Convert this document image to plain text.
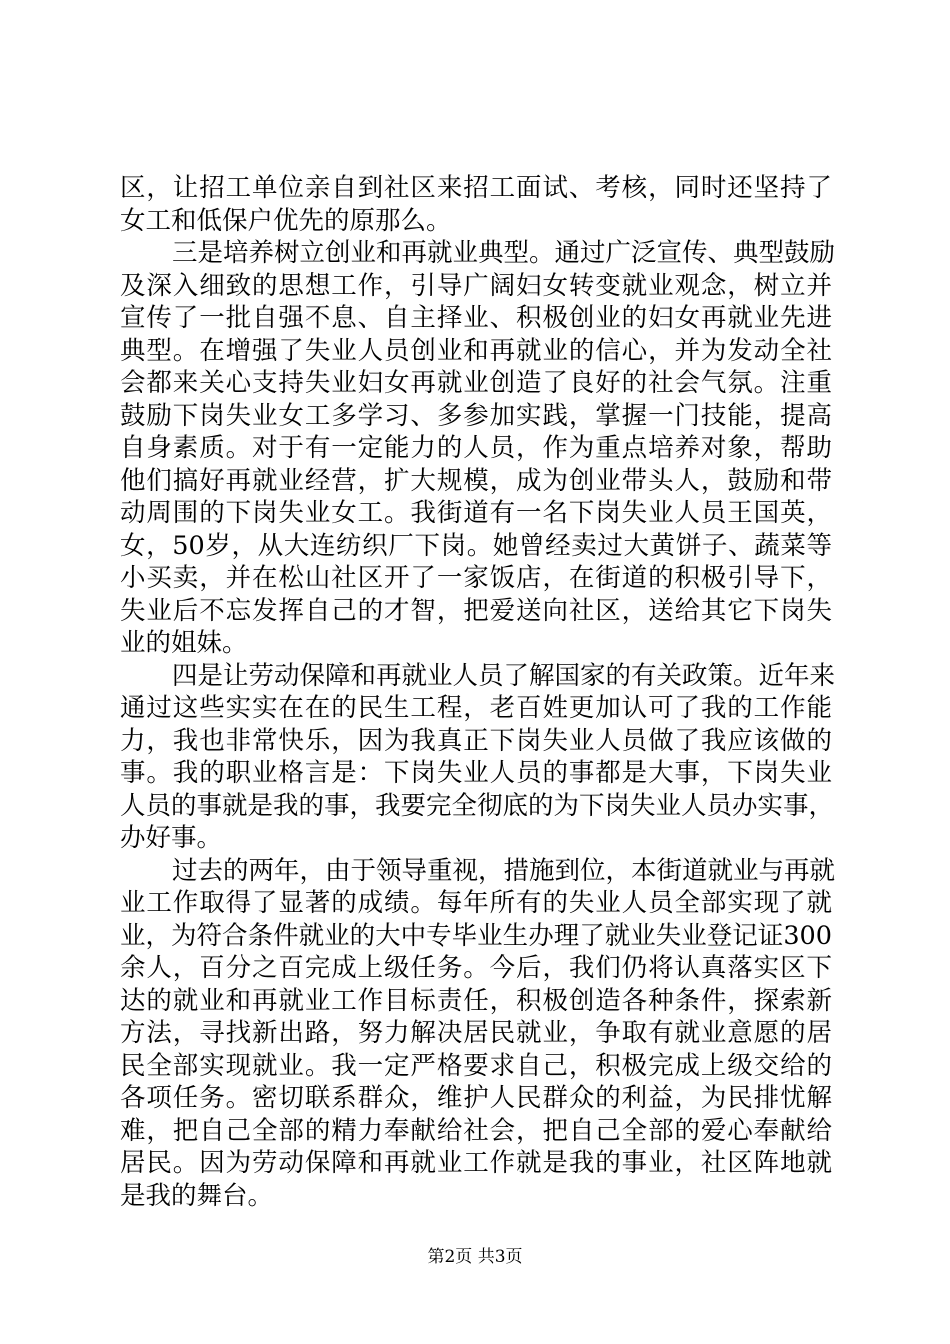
区，让招工单位亲自到社区来招工面试、考核，同时还坚持了
女工和低保户优先的原那么。
三是培养树立创业和再就业典型。通过广泛宣传、典型鼓励
及深入细致的思想工作，引导广阔妇女转变就业观念，树立并
宣传了一批自强不息、自主择业、积极创业的妇女再就业先进
典型。在增强了失业人员创业和再就业的信心，并为发动全社
会都来关心支持失业妇女再就业创造了良好的社会气氛。注重
鼓励下岗失业女工多学习、多参加实践，掌握一门技能，提高
自身素质。对于有一定能力的人员，作为重点培养对象，帮助
他们搞好再就业经营，扩大规模，成为创业带头人，鼓励和带
动周围的下岗失业女工。我街道有一名下岗失业人员王国英，
女，50岁，从大连纺织厂下岗。她曾经卖过大黄饼子、蔬菜等
小买卖，并在松山社区开了一家饭店，在街道的积极引导下，
失业后不忘发挥自己的才智，把爱送向社区，送给其它下岗失
业的姐妹。
四是让劳动保障和再就业人员了解国家的有关政策。近年来
通过这些实实在在的民生工程，老百姓更加认可了我的工作能
力，我也非常快乐，因为我真正下岗失业人员做了我应该做的
事。我的职业格言是：下岗失业人员的事都是大事，下岗失业
人员的事就是我的事，我要完全彻底的为下岗失业人员办实事，
办好事。
过去的两年，由于领导重视，措施到位，本街道就业与再就
业工作取得了显著的成绩。每年所有的失业人员全部实现了就
业，为符合条件就业的大中专毕业生办理了就业失业登记证300
余人，百分之百完成上级任务。今后，我们仍将认真落实区下
达的就业和再就业工作目标责任，积极创造各种条件，探索新
方法，寻找新出路，努力解决居民就业，争取有就业意愿的居
民全部实现就业。我一定严格要求自己，积极完成上级交给的
各项任务。密切联系群众，维护人民群众的利益，为民排忧解
难，把自己全部的精力奉献给社会，把自己全部的爱心奉献给
居民。因为劳动保障和再就业工作就是我的事业，社区阵地就
是我的舞台。
第2页 共3页
